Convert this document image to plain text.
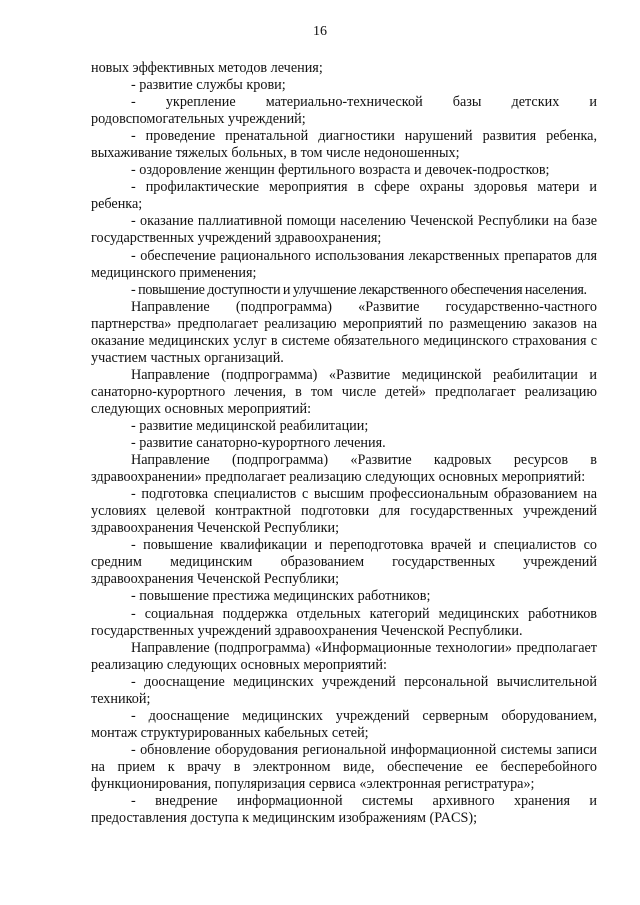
16

новых эффективных методов лечения;

- развитие службы крови;

- укрепление материально-технической базы детских и родовспомогательных учреждений;

- проведение пренатальной диагностики нарушений развития ребенка, выхаживание тяжелых больных, в том числе недоношенных;

- оздоровление женщин фертильного возраста и девочек-подростков;

- профилактические мероприятия в сфере охраны здоровья матери и ребенка;

- оказание паллиативной помощи населению Чеченской Республики на базе государственных учреждений здравоохранения;

- обеспечение рационального использования лекарственных препаратов для медицинского применения;

- повышение доступности и улучшение лекарственного обеспечения населения.

Направление (подпрограмма) «Развитие государственно-частного партнерства» предполагает реализацию мероприятий по размещению заказов на оказание медицинских услуг в системе обязательного медицинского страхования с участием частных организаций.

Направление (подпрограмма) «Развитие медицинской реабилитации и санаторно-курортного лечения, в том числе детей» предполагает реализацию следующих основных мероприятий:

- развитие медицинской реабилитации;

- развитие санаторно-курортного лечения.

Направление (подпрограмма) «Развитие кадровых ресурсов в здравоохранении» предполагает реализацию следующих основных мероприятий:

- подготовка специалистов с высшим профессиональным образованием на условиях целевой контрактной подготовки для государственных учреждений здравоохранения Чеченской Республики;

- повышение квалификации и переподготовка врачей и специалистов со средним медицинским образованием государственных учреждений здравоохранения Чеченской Республики;

- повышение престижа медицинских работников;

- социальная поддержка отдельных категорий медицинских работников государственных учреждений здравоохранения Чеченской Республики.

Направление (подпрограмма) «Информационные технологии» предполагает реализацию следующих основных мероприятий:

- дооснащение медицинских учреждений персональной вычислительной техникой;

- дооснащение медицинских учреждений серверным оборудованием, монтаж структурированных кабельных сетей;

- обновление оборудования региональной информационной системы записи на прием к врачу в электронном виде, обеспечение ее бесперебойного функционирования, популяризация сервиса «электронная регистратура»;

- внедрение информационной системы архивного хранения и предоставления доступа к медицинским изображениям (PACS);
